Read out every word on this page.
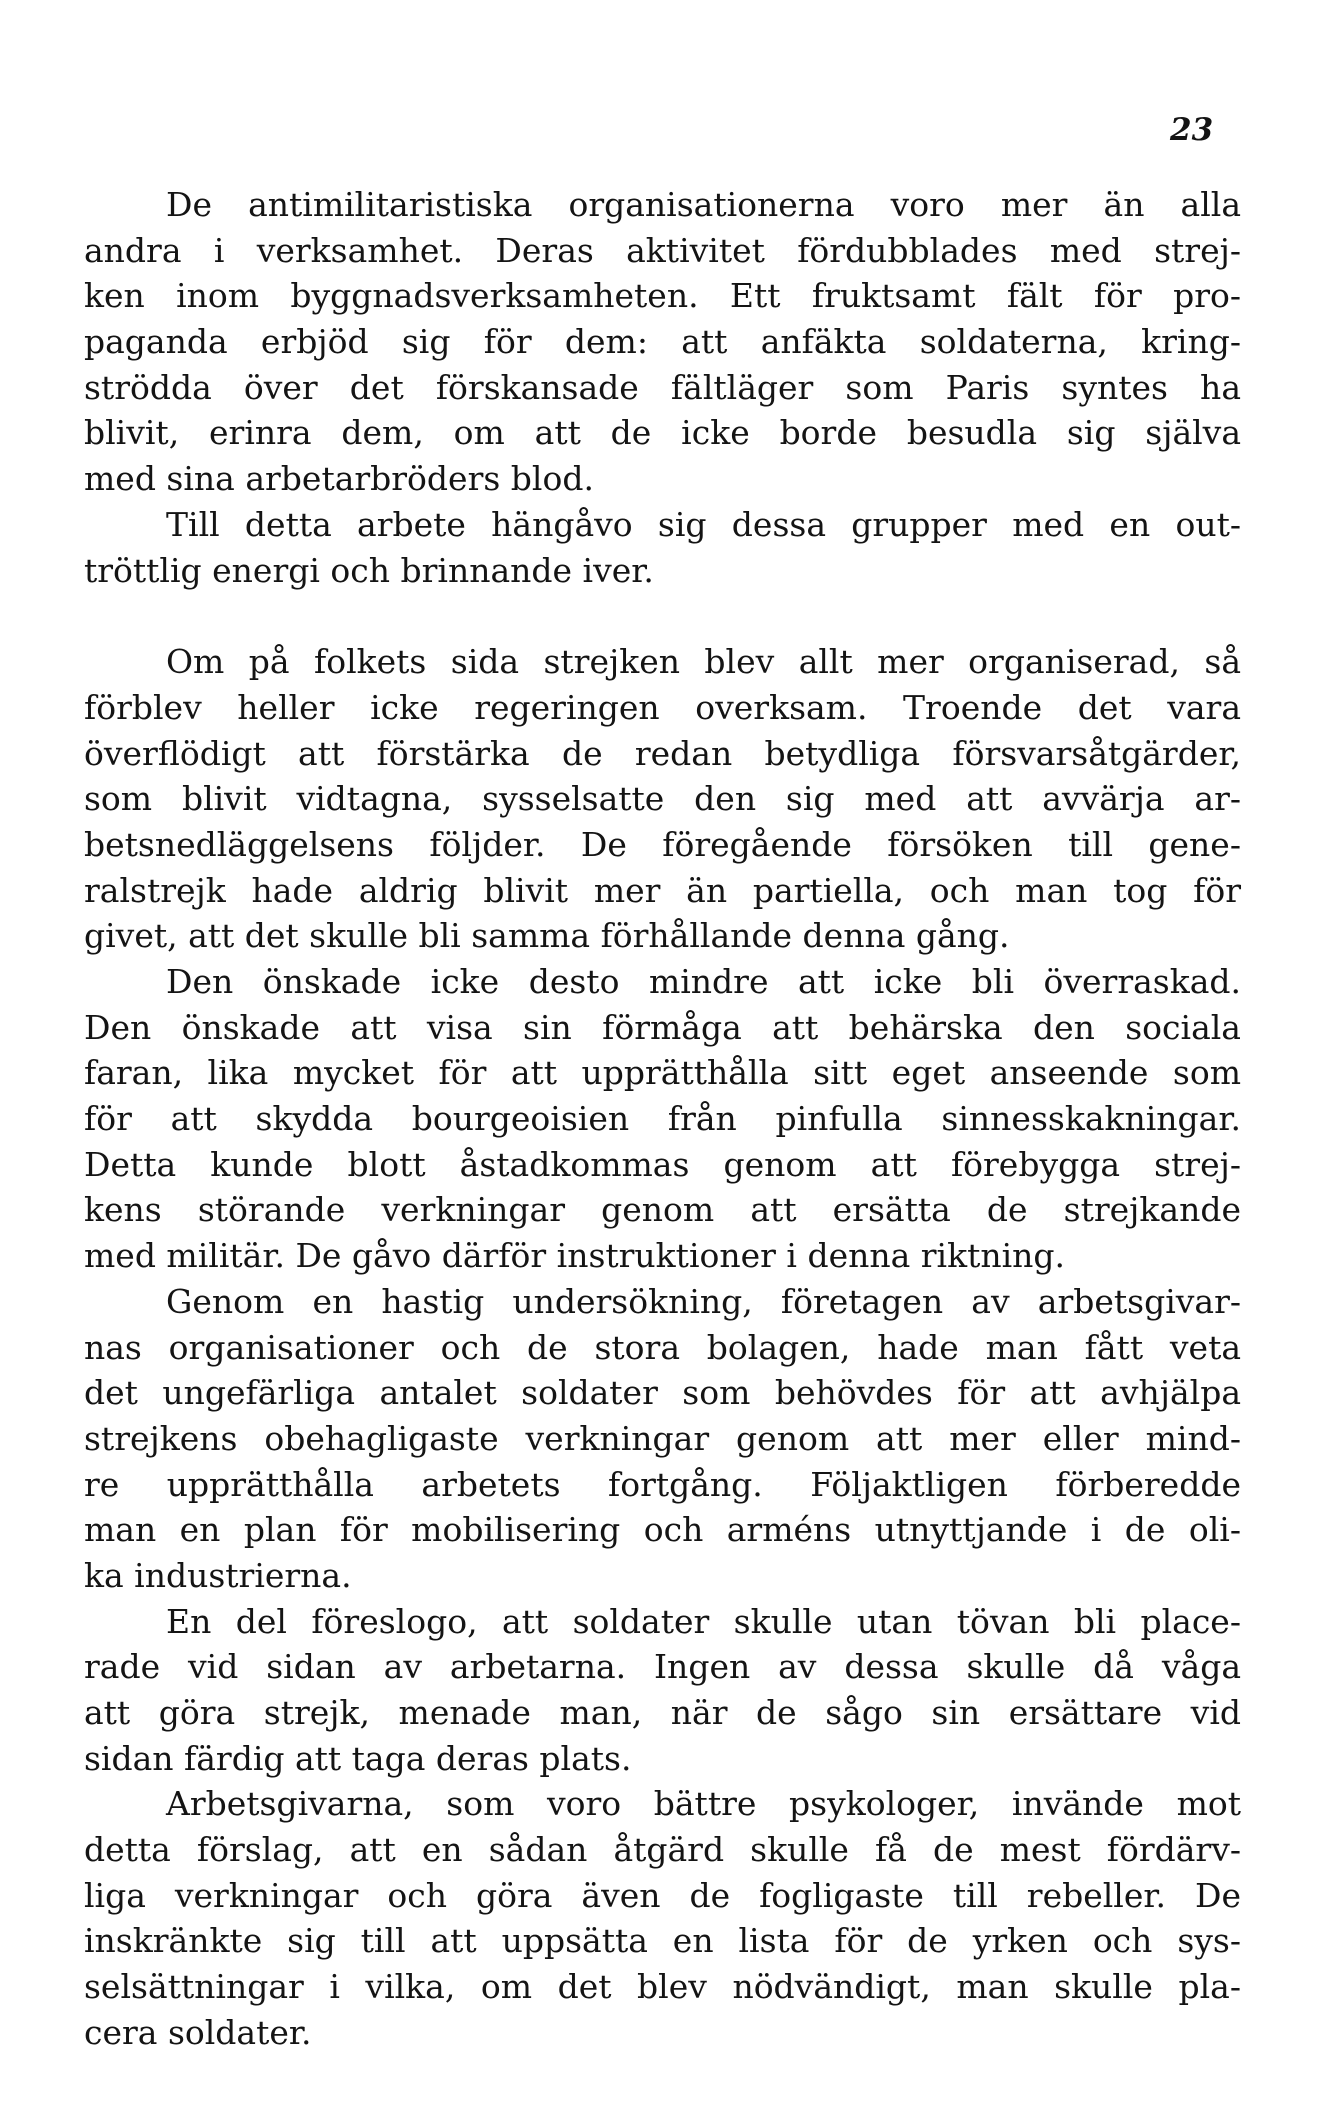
23

De antimilitaristiska organisationerna voro mer än alla
andra i verksamhet. Deras aktivitet fördubblades med strej-
ken inom byggnadsverksamheten. Ett fruktsamt fält för pro-
paganda erbjöd sig för dem: att anfäkta soldaterna, kring-
strödda över det förskansade fältläger som Paris syntes ha
blivit, erinra dem, om att de icke borde besudla sig själva
med sina arbetarbröders blod.

Till detta arbete hängåvo sig dessa grupper med en out-
tröttlig energi och brinnande iver.

Om på folkets sida strejken blev allt mer organiserad, så
förblev heller icke regeringen overksam. Troende det vara
överflödigt att förstärka de redan betydliga försvarsåtgärder,
som blivit vidtagna, sysselsatte den sig med att avvärja ar-
betsnedläggelsens följder. De föregående försöken till gene-
ralstrejk hade aldrig blivit mer än partiella, och man tog för
givet, att det skulle bli samma förhållande denna gång.

Den önskade icke desto mindre att icke bli överraskad.
Den önskade att visa sin förmåga att behärska den sociala
faran, lika mycket för att upprätthålla sitt eget anseende som
för att skydda bourgeoisien från pinfulla sinnesskakningar.
Detta kunde blott åstadkommas genom att förebygga strej-
kens störande verkningar genom att ersätta de strejkande
med militär. De gåvo därför instruktioner i denna riktning.

Genom en hastig undersökning, företagen av arbetsgivar-
nas organisationer och de stora bolagen, hade man fått veta
det ungefärliga antalet soldater som behövdes för att avhjälpa
strejkens obehagligaste verkningar genom att mer eller mind-
re upprätthålla arbetets fortgång. Följaktligen förberedde
man en plan för mobilisering och arméns utnyttjande i de oli-
ka industrierna.

En del föreslogo, att soldater skulle utan tövan bli place-
rade vid sidan av arbetarna. Ingen av dessa skulle då våga
att göra strejk, menade man, när de sågo sin ersättare vid
sidan färdig att taga deras plats.

Arbetsgivarna, som voro bättre psykologer, invände mot
detta förslag, att en sådan åtgärd skulle få de mest fördärv-
liga verkningar och göra även de fogligaste till rebeller. De
inskränkte sig till att uppsätta en lista för de yrken och sys-
selsättningar i vilka, om det blev nödvändigt, man skulle pla-
cera soldater.
